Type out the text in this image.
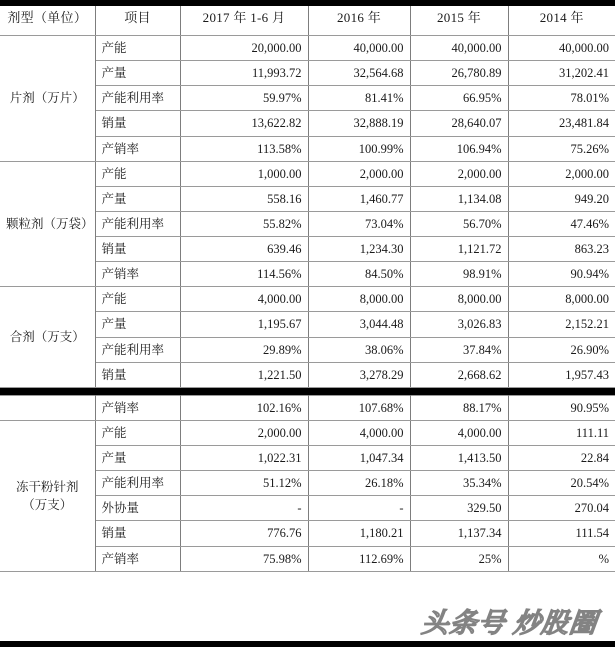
剂型（单位）	项目	2017 年 1-6 月	2016 年	2015 年	2014 年
片剂（万片）	产能	20,000.00	40,000.00	40,000.00	40,000.00
	产量	11,993.72	32,564.68	26,780.89	31,202.41
	产能利用率	59.97%	81.41%	66.95%	78.01%
	销量	13,622.82	32,888.19	28,640.07	23,481.84
	产销率	113.58%	100.99%	106.94%	75.26%
颗粒剂（万袋）	产能	1,000.00	2,000.00	2,000.00	2,000.00
	产量	558.16	1,460.77	1,134.08	949.20
	产能利用率	55.82%	73.04%	56.70%	47.46%
	销量	639.46	1,234.30	1,121.72	863.23
	产销率	114.56%	84.50%	98.91%	90.94%
合剂（万支）	产能	4,000.00	8,000.00	8,000.00	8,000.00
	产量	1,195.67	3,044.48	3,026.83	2,152.21
	产能利用率	29.89%	38.06%	37.84%	26.90%
	销量	1,221.50	3,278.29	2,668.62	1,957.43

	产销率	102.16%	107.68%	88.17%	90.95%
冻干粉针剂（万支）	产能	2,000.00	4,000.00	4,000.00	111.11
	产量	1,022.31	1,047.34	1,413.50	22.84
	产能利用率	51.12%	26.18%	35.34%	20.54%
	外协量	-	-	329.50	270.04
	销量	776.76	1,180.21	1,137.34	111.54
	产销率	75.98%	112.69%	25%	%
头条号 炒股圈
